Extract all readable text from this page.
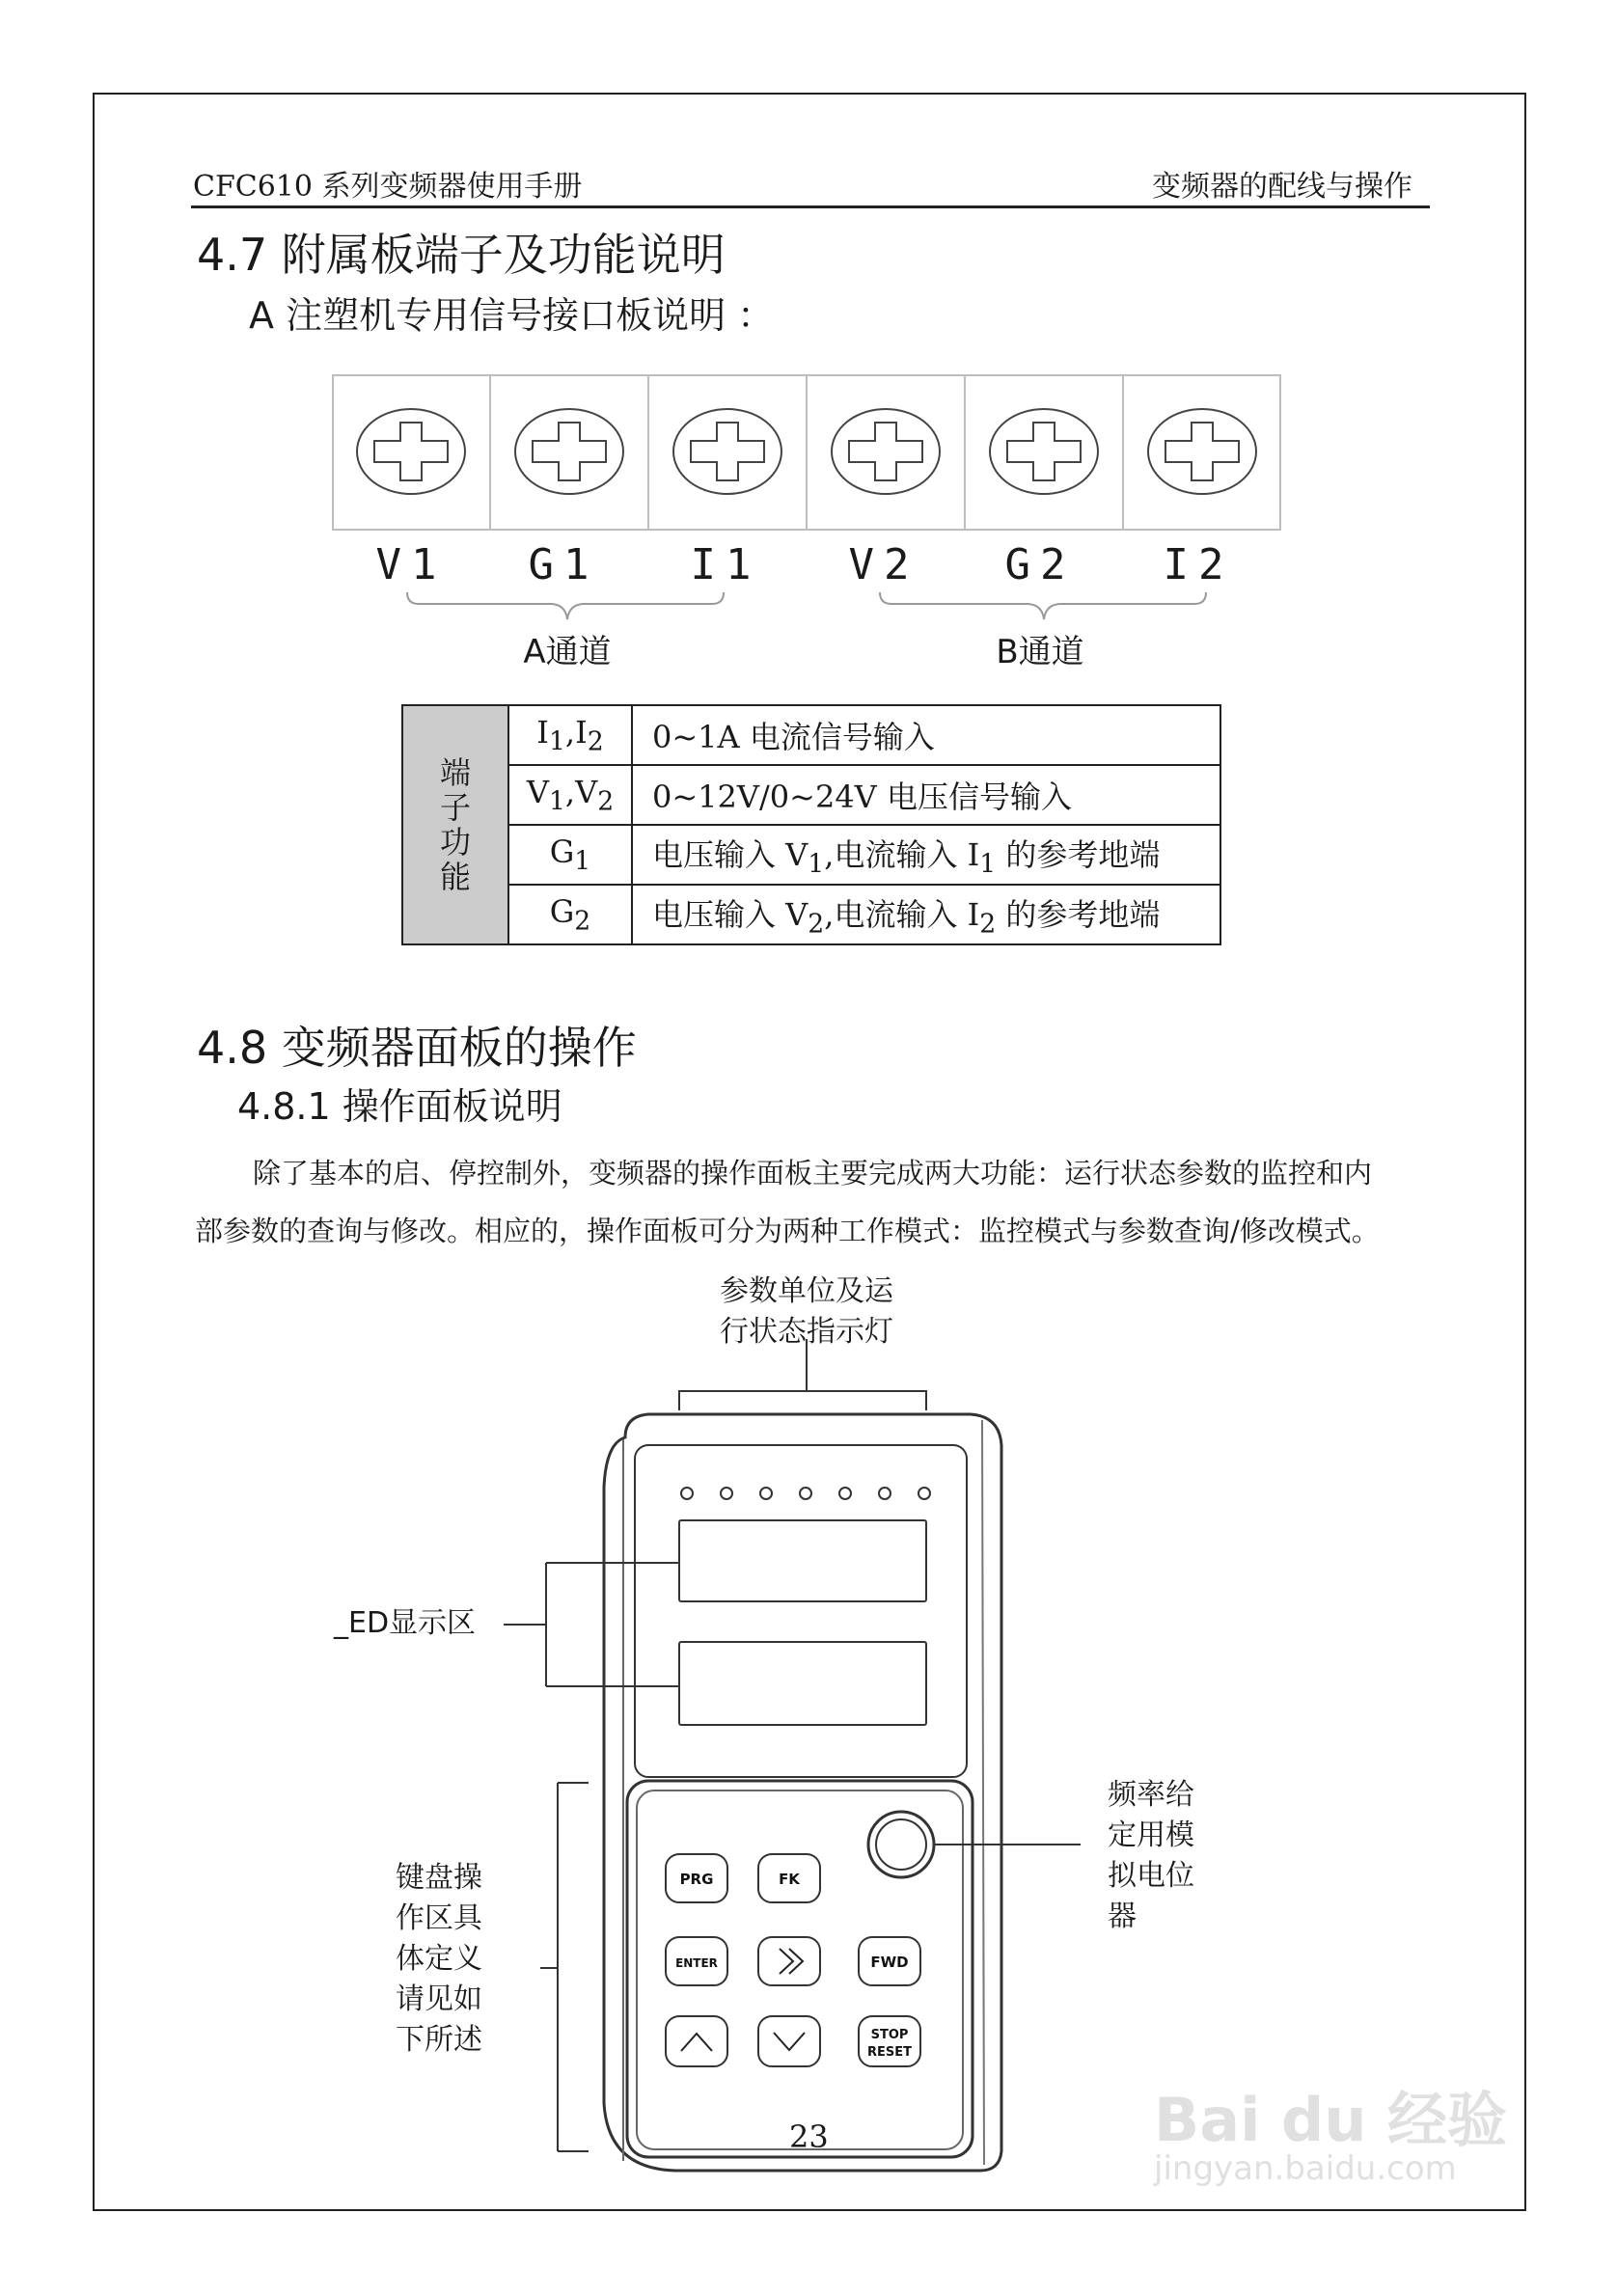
CFC610 系列变频器使用手册	变频器的配线与操作
4.7 附属板端子及功能说明
A 注塑机专用信号接口板说明 ：
V1	G1	I1	V2	G2	I2
A通道	B通道
端子功能	$I_1,I_2$	0~1A 电流信号输入
	$V_1,V_2$	0~12V/0~24V 电压信号输入
	$G_1$	电压输入 $V_1$,电流输入 $I_1$ 的参考地端
	$G_2$	电压输入 $V_2$,电流输入 $I_2$ 的参考地端
4.8 变频器面板的操作
4.8.1 操作面板说明
除了基本的启、停控制外，变频器的操作面板主要完成两大功能：运行状态参数的监控和内
部参数的查询与修改。相应的，操作面板可分为两种工作模式：监控模式与参数查询/修改模式。
PRG	FK
ENTER	FWD
STOP
RESET
参数单位及运
行状态指示灯
_ED显示区
键盘操
作区具
体定义
请见如
下所述
频率给
定用模
拟电位
器
23	Bai du 经验
jingyan.baidu.com
